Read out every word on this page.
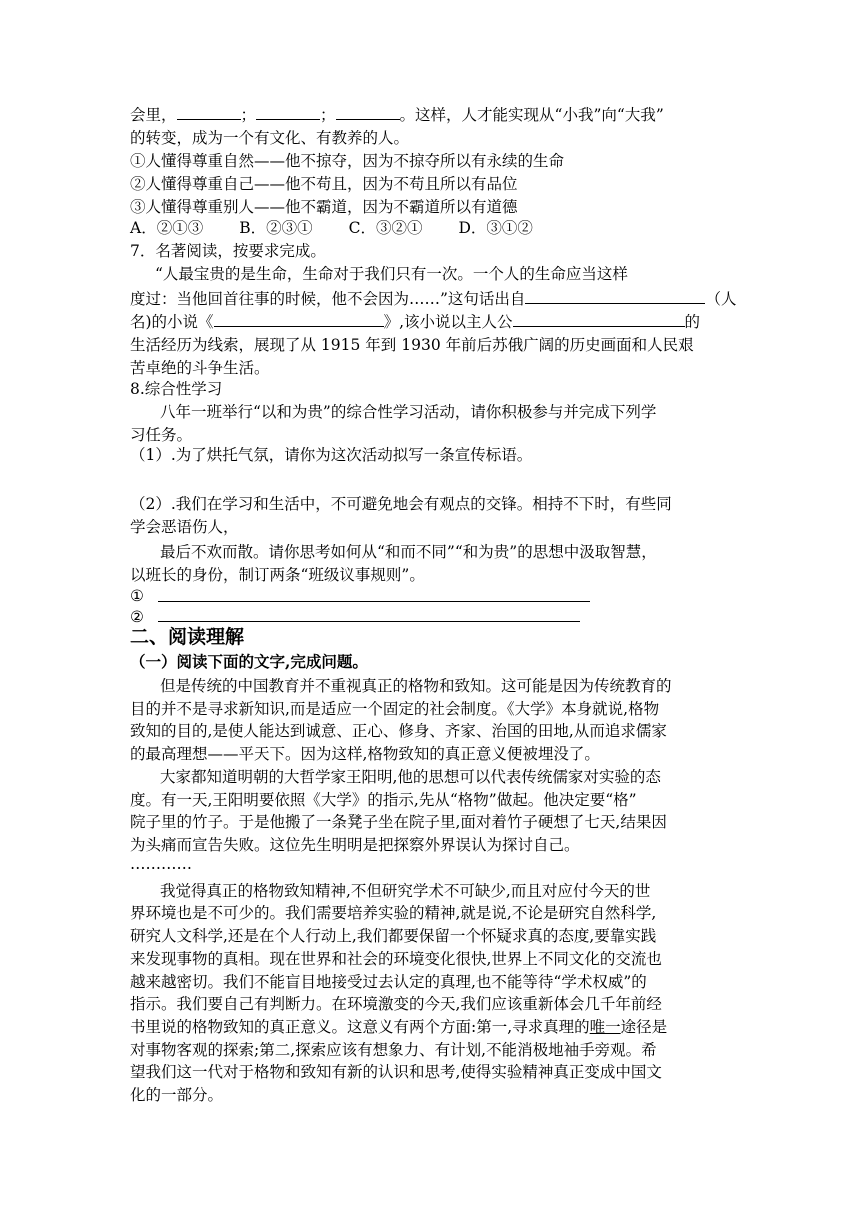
会里，	；	；	。这样，人才能实现从“小我”向“大我”
的转变，成为一个有文化、有教养的人。
①人懂得尊重自然——他不掠夺，因为不掠夺所以有永续的生命
②人懂得尊重自己——他不苟且，因为不苟且所以有品位
③人懂得尊重别人——他不霸道，因为不霸道所以有道德
A．②①③ B．②③① C．③②① D．③①②
7．名著阅读，按要求完成。
“人最宝贵的是生命，生命对于我们只有一次。一个人的生命应当这样
度过：当他回首往事的时候，他不会因为……”这句话出自	（人
名)的小说《	》,该小说以主人公	的
生活经历为线索，展现了从 1915 年到 1930 年前后苏俄广阔的历史画面和人民艰
苦卓绝的斗争生活。
8.综合性学习
八年一班举行“以和为贵”的综合性学习活动，请你积极参与并完成下列学
习任务。
（1）.为了烘托气氛，请你为这次活动拟写一条宣传标语。
（2）.我们在学习和生活中，不可避免地会有观点的交锋。相持不下时，有些同
学会恶语伤人，
最后不欢而散。请你思考如何从“和而不同”“和为贵”的思想中汲取智慧，
以班长的身份，制订两条“班级议事规则”。
①
②
二、阅读理解
（一）阅读下面的文字,完成问题。
但是传统的中国教育并不重视真正的格物和致知。这可能是因为传统教育的
目的并不是寻求新知识,而是适应一个固定的社会制度。《大学》本身就说,格物
致知的目的,是使人能达到诚意、正心、修身、齐家、治国的田地,从而追求儒家
的最高理想——平天下。因为这样,格物致知的真正意义便被埋没了。
大家都知道明朝的大哲学家王阳明,他的思想可以代表传统儒家对实验的态
度。有一天,王阳明要依照《大学》的指示,先从“格物”做起。他决定要“格”
院子里的竹子。于是他搬了一条凳子坐在院子里,面对着竹子硬想了七天,结果因
为头痛而宣告失败。这位先生明明是把探察外界误认为探讨自己。
…………
我觉得真正的格物致知精神,不但研究学术不可缺少,而且对应付今天的世
界环境也是不可少的。我们需要培养实验的精神,就是说,不论是研究自然科学,
研究人文科学,还是在个人行动上,我们都要保留一个怀疑求真的态度,要靠实践
来发现事物的真相。现在世界和社会的环境变化很快,世界上不同文化的交流也
越来越密切。我们不能盲目地接受过去认定的真理,也不能等待“学术权威”的
指示。我们要自己有判断力。在环境激变的今天,我们应该重新体会几千年前经
书里说的格物致知的真正意义。这意义有两个方面:第一,寻求真理的唯一途径是
对事物客观的探索;第二,探索应该有想象力、有计划,不能消极地袖手旁观。希
望我们这一代对于格物和致知有新的认识和思考,使得实验精神真正变成中国文
化的一部分。
